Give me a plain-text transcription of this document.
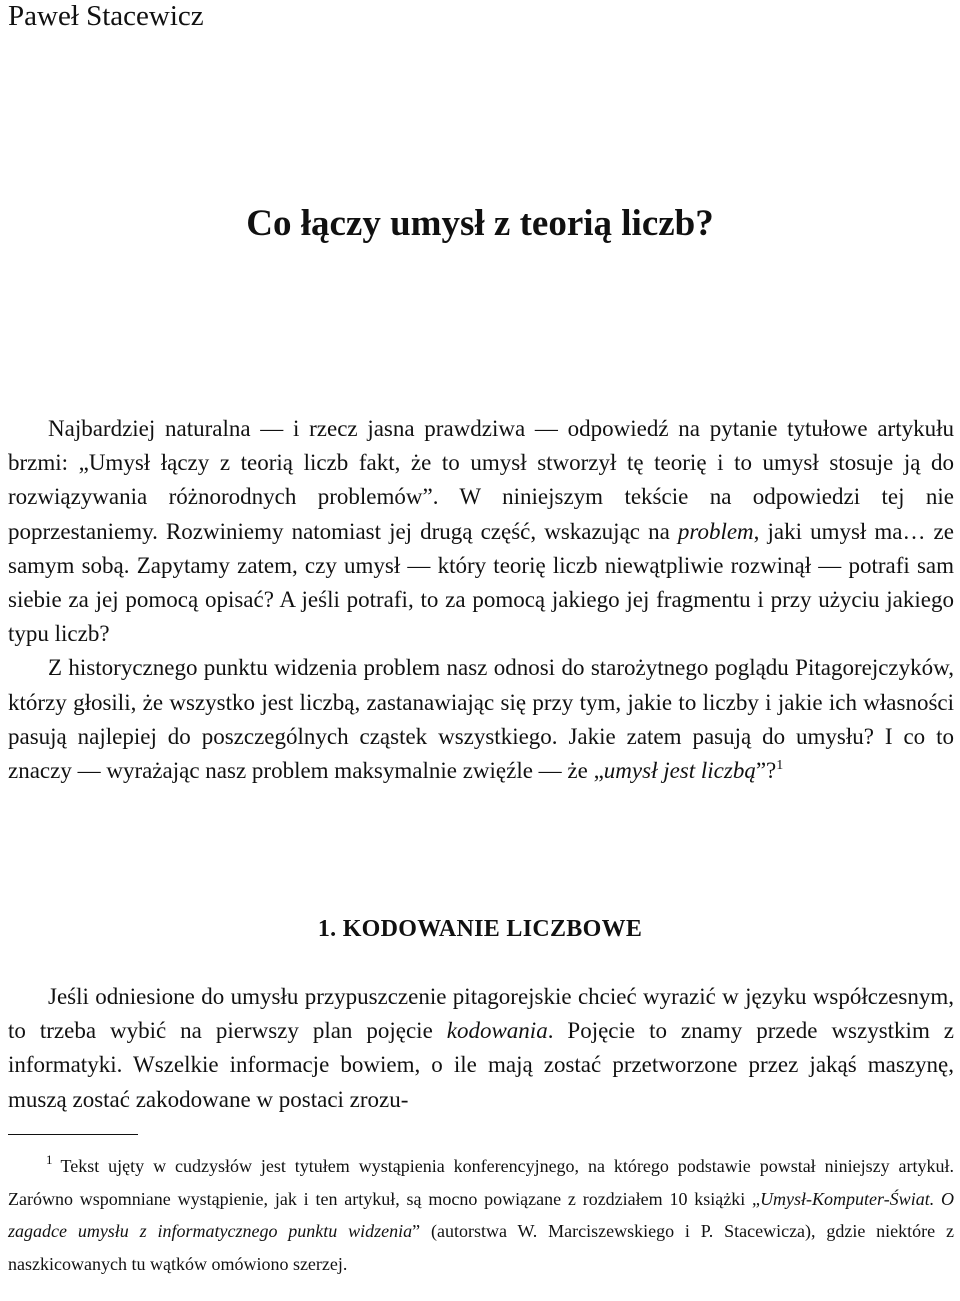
Paweł Stacewicz
Co łączy umysł z teorią liczb?

Najbardziej naturalna — i rzecz jasna prawdziwa — odpowiedź na pytanie tytułowe artykułu brzmi: „Umysł łączy z teorią liczb fakt, że to umysł stworzył tę teorię i to umysł stosuje ją do rozwiązywania różnorodnych problemów”. W niniejszym tekście na odpowiedzi tej nie poprzestaniemy. Rozwiniemy natomiast jej drugą część, wskazując na problem, jaki umysł ma… ze samym sobą. Zapytamy zatem, czy umysł — który teorię liczb niewątpliwie rozwinął — potrafi sam siebie za jej pomocą opisać? A jeśli potrafi, to za pomocą jakiego jej fragmentu i przy użyciu jakiego typu liczb?

Z historycznego punktu widzenia problem nasz odnosi do starożytnego poglądu Pitagorejczyków, którzy głosili, że wszystko jest liczbą, zastanawiając się przy tym, jakie to liczby i jakie ich własności pasują najlepiej do poszczególnych cząstek wszystkiego. Jakie zatem pasują do umysłu? I co to znaczy — wyrażając nasz problem maksymalnie zwięźle — że „umysł jest liczbą”?$^1$

1. KODOWANIE LICZBOWE

Jeśli odniesione do umysłu przypuszczenie pitagorejskie chcieć wyrazić w języku współczesnym, to trzeba wybić na pierwszy plan pojęcie kodowania. Pojęcie to znamy przede wszystkim z informatyki. Wszelkie informacje bowiem, o ile mają zostać przetworzone przez jakąś maszynę, muszą zostać zakodowane w postaci zrozu-

$^1$ Tekst ujęty w cudzysłów jest tytułem wystąpienia konferencyjnego, na którego podstawie powstał niniejszy artykuł. Zarówno wspomniane wystąpienie, jak i ten artykuł, są mocno powiązane z rozdziałem 10 książki „Umysł-Komputer-Świat. O zagadce umysłu z informatycznego punktu widzenia” (autorstwa W. Marciszewskiego i P. Stacewicza), gdzie niektóre z naszkicowanych tu wątków omówiono szerzej.
